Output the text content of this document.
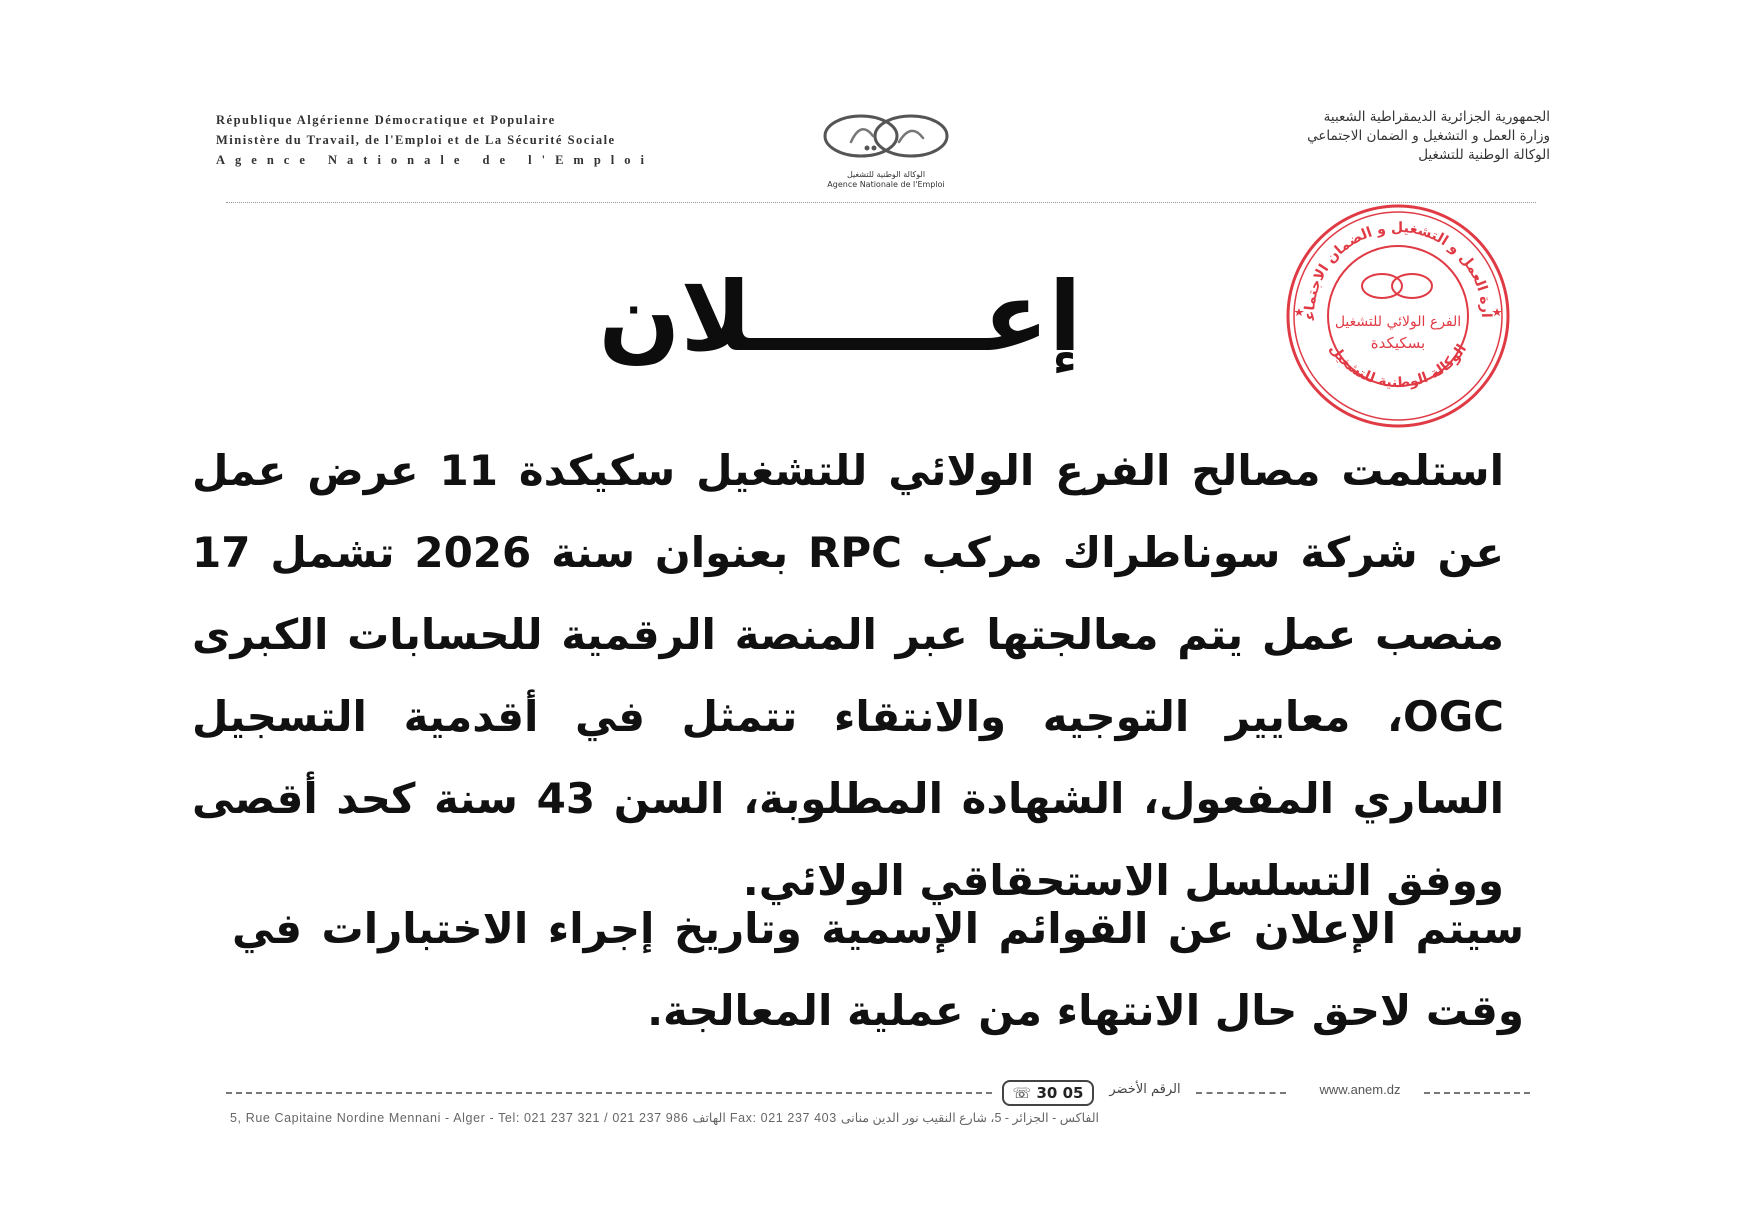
République Algérienne Démocratique et Populaire
Ministère du Travail, de l'Emploi et de La Sécurité Sociale
Agence Nationale de l'Emploi
الوكالة الوطنية للتشغيل
Agence Nationale de l'Emploi
الجمهورية الجزائرية الديمقراطية الشعبية
وزارة العمل و التشغيل و الضمان الاجتماعي
الوكالة الوطنية للتشغيل
ارة العمل و التشغيل و الضمان الاجتماعي
الوكالة الوطنية للتشغيل
الفرع الولائي للتشغيل
بسكيكدة
إعـــــــلان
استلمت مصالح الفرع الولائي للتشغيل سكيكدة 11 عرض عمل عن شركة سوناطراك مركب RPC بعنوان سنة 2026 تشمل 17 منصب عمل يتم معالجتها عبر المنصة الرقمية للحسابات الكبرى OGC، معايير التوجيه والانتقاء تتمثل في أقدمية التسجيل الساري المفعول، الشهادة المطلوبة، السن 43 سنة كحد أقصى ووفق التسلسل الاستحقاقي الولائي.
سيتم الإعلان عن القوائم الإسمية وتاريخ إجراء الاختبارات في وقت لاحق حال الانتهاء من عملية المعالجة.
☏ 30 05	الرقم الأخضر	www.anem.dz
5, Rue Capitaine Nordine Mennani - Alger - Tel: 021 237 321 / 021 237 986 الهاتف Fax: 021 237 403 الفاكس - الجزائر - 5، شارع النقيب نور الدين منانى
